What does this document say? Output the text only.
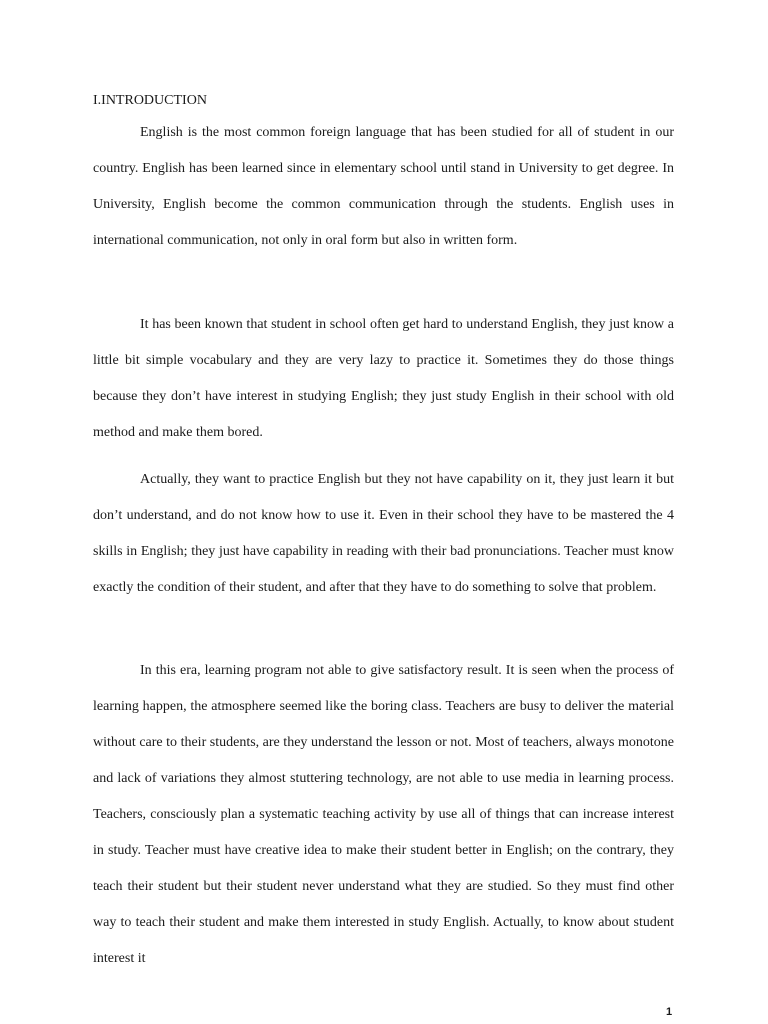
I.INTRODUCTION

English is the most common foreign language that has been studied for all of student in our country. English has been learned since in elementary school until stand in University to get degree. In University, English become the common communication through the students. English uses in international communication, not only in oral form but also in written form.

It has been known that student in school often get hard to understand English, they just know a little bit simple vocabulary and they are very lazy to practice it. Sometimes they do those things because they don’t have interest in studying English; they just study English in their school with old method and make them bored.

Actually, they want to practice English but they not have capability on it, they just learn it but don’t understand, and do not know how to use it. Even in their school they have to be mastered the 4 skills in English; they just have capability in reading with their bad pronunciations. Teacher must know exactly the condition of their student, and after that they have to do something to solve that problem.

In this era, learning program not able to give satisfactory result. It is seen when the process of learning happen, the atmosphere seemed like the boring class. Teachers are busy to deliver the material without care to their students, are they understand the lesson or not. Most of teachers, always monotone and lack of variations they almost stuttering technology, are not able to use media in learning process. Teachers, consciously plan a systematic teaching activity by use all of things that can increase interest in study. Teacher must have creative idea to make their student better in English; on the contrary, they teach their student but their student never understand what they are studied. So they must find other way to teach their student and make them interested in study English. Actually, to know about student interest it

1
